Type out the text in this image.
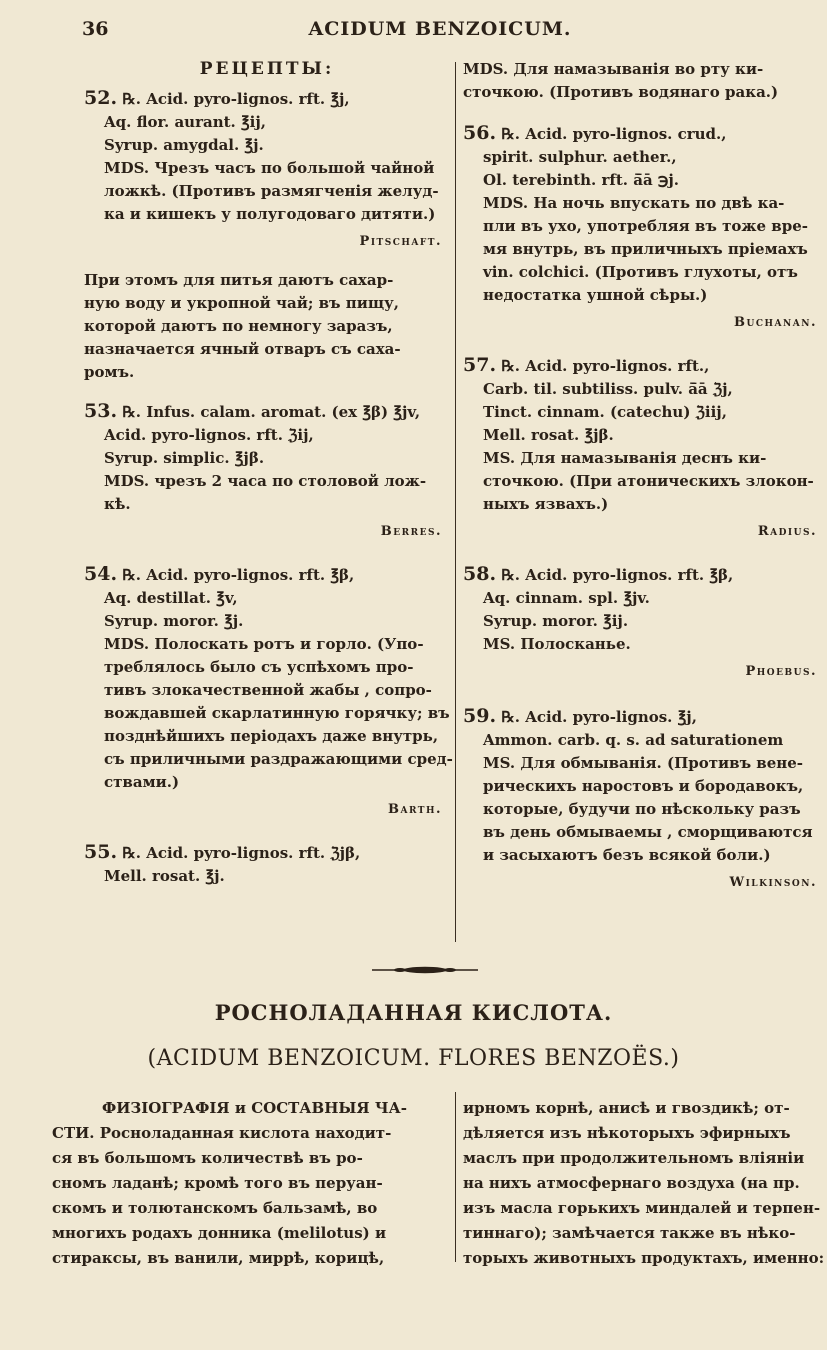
36	ACIDUM BENZOICUM.
РЕЦЕПТЫ:
52. ℞. Acid. pyro-lignos. rft. ℥j,
Aq. flor. aurant. ℥ij,
Syrup. amygdal. ℥j.
MDS. Чрезъ часъ по большой чайной
ложкѣ. (Противъ размягченія желуд-
ка и кишекъ у полугодоваго дитяти.)
Pitschaft.
При этомъ для питья даютъ сахар-
ную воду и укропной чай; въ пищу,
которой даютъ по немногу заразъ,
назначается ячный отваръ съ саха-
ромъ.
53. ℞. Infus. calam. aromat. (ex ℥β) ℥jv,
Acid. pyro-lignos. rft. ℨij,
Syrup. simplic. ℥jβ.
MDS. чрезъ 2 часа по столовой лож-
кѣ.
Berres.
54. ℞. Acid. pyro-lignos. rft. ℥β,
Aq. destillat. ℥v,
Syrup. moror. ℥j.
MDS. Полоскать ротъ и горло. (Упо-
треблялось было съ успѣхомъ про-
тивъ злокачественной жабы , сопро-
вождавшей скарлатинную горячку; въ
позднѣйшихъ періодахъ даже внутрь,
съ приличными раздражающими сред-
ствами.)
Barth.
55. ℞. Acid. pyro-lignos. rft. ℨjβ,
Mell. rosat. ℥j.
MDS. Для намазыванія во рту ки-
сточкою. (Противъ водянаго рака.)
56. ℞. Acid. pyro-lignos. crud.,
spirit. sulphur. aether.,
Ol. terebinth. rft. ā̄ā ℈j.
MDS. На ночь впускать по двѣ ка-
пли въ ухо, употребляя въ тоже вре-
мя внутрь, въ приличныхъ пріемахъ
vin. colchici. (Противъ глухоты, отъ
недостатка ушной сѣры.)
Buchanan.
57. ℞. Acid. pyro-lignos. rft.,
Carb. til. subtiliss. pulv. ā̄ā ℨj,
Tinct. cinnam. (catechu) ℨiij,
Mell. rosat. ℥jβ.
MS. Для намазыванія деснъ ки-
сточкою. (При атоническихъ злокон-
ныхъ язвахъ.)
Radius.
58. ℞. Acid. pyro-lignos. rft. ℥β,
Aq. cinnam. spl. ℥jv.
Syrup. moror. ℥ij.
MS. Полосканье.
Phoebus.
59. ℞. Acid. pyro-lignos. ℥j,
Ammon. carb. q. s. ad saturationem
MS. Для обмыванія. (Противъ вене-
рическихъ наростовъ и бородавокъ,
которые, будучи по нѣскольку разъ
въ день обмываемы , сморщиваются
и засыхаютъ безъ всякой боли.)
Wilkinson.
РОСНОЛАДАННАЯ КИСЛОТА.
(ACIDUM BENZOICUM. FLORES BENZOËS.)
ФИЗІОГРАФІЯ и СОСТАВНЫЯ ЧА-
СТИ. Росноладанная кислота находит-
ся въ большомъ количествѣ въ ро-
сномъ ладанѣ; кромѣ того въ перуан-
скомъ и толютанскомъ бальзамѣ, во
многихъ родахъ донника (melilotus) и
стираксы, въ ванили, миррѣ, корицѣ,
ирномъ корнѣ, анисѣ и гвоздикѣ; от-
дѣляется изъ нѣкоторыхъ эфирныхъ
маслъ при продолжительномъ вліяніи
на нихъ атмосфернаго воздуха (на пр.
изъ масла горькихъ миндалей и терпен-
тиннаго); замѣчается также въ нѣко-
торыхъ животныхъ продуктахъ, именно:
